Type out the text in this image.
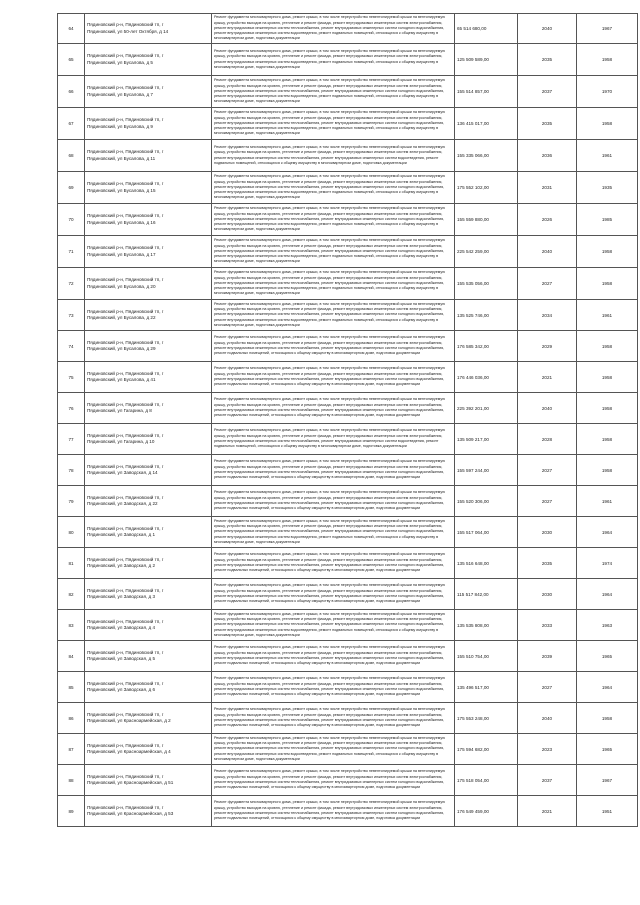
64	Пядиновский р-н, Пядиновский тп, г
Пядиновский, ул 50-лет Октября, д 14	Ремонт фундамента многоквартирного дома, ремонт крыши, в том числе переустройство невентилируемой крыши на вентилируемую крышу, устройство выходов на кровлю, утепление и ремонт фасада, ремонт внутридомовых инженерных систем электроснабжения, ремонт внутридомовых инженерных систем теплоснабжения, ремонт внутридомовых инженерных систем холодного водоснабжения, ремонт внутридомовых инженерных систем водоотведения, ремонт подвальных помещений, относящихся к общему имуществу в многоквартирном доме, подготовка документации	65 514 680,00	2040	1967
65	Пядиновский р-н, Пядиновский тп, г
Пядиновский, ул Бусалова, д 5	Ремонт фундамента многоквартирного дома, ремонт крыши, в том числе переустройство невентилируемой крыши на вентилируемую крышу, устройство выходов на кровлю, утепление и ремонт фасада, ремонт внутридомовых инженерных систем электроснабжения, ремонт внутридомовых инженерных систем водоотведения, ремонт подвальных помещений, относящихся к общему имуществу в многоквартирном доме, подготовка документации	125 509 589,00	2035	1958
66	Пядиновский р-н, Пядиновский тп, г
Пядиновский, ул Бусалова, д 7	Ремонт фундамента многоквартирного дома, ремонт крыши, в том числе переустройство невентилируемой крыши на вентилируемую крышу, устройство выходов на кровлю, утепление и ремонт фасада, ремонт внутридомовых инженерных систем электроснабжения, ремонт внутридомовых инженерных систем теплоснабжения, ремонт внутридомовых инженерных систем холодного водоснабжения, ремонт внутридомовых инженерных систем водоотведения, ремонт подвальных помещений, относящихся к общему имуществу в многоквартирном доме, подготовка документации	155 514 857,00	2037	1970
67	Пядиновский р-н, Пядиновский тп, г
Пядиновский, ул Бусалова, д 9	Ремонт фундамента многоквартирного дома, ремонт крыши, в том числе переустройство невентилируемой крыши на вентилируемую крышу, устройство выходов на кровлю, утепление и ремонт фасада, ремонт внутридомовых инженерных систем электроснабжения, ремонт внутридомовых инженерных систем теплоснабжения, ремонт внутридомовых инженерных систем холодного водоснабжения, ремонт внутридомовых инженерных систем водоотведения, ремонт подвальных помещений, относящихся к общему имуществу в многоквартирном доме, подготовка документации	136 415 017,00	2035	1958
68	Пядиновский р-н, Пядиновский тп, г
Пядиновский, ул Бусалова, д 11	Ремонт фундамента многоквартирного дома, ремонт крыши, в том числе переустройство невентилируемой крыши на вентилируемую крышу, устройство выходов на кровлю, утепление и ремонт фасада, ремонт внутридомовых инженерных систем электроснабжения, ремонт внутридомовых инженерных систем теплоснабжения, ремонт внутридомовых инженерных систем водоотведения, ремонт подвальных помещений, относящихся к общему имуществу в многоквартирном доме, подготовка документации	155 335 066,00	2036	1961
69	Пядиновский р-н, Пядиновский тп, г
Пядиновский, ул Бусалова, д 15	Ремонт фундамента многоквартирного дома, ремонт крыши, в том числе переустройство невентилируемой крыши на вентилируемую крышу, устройство выходов на кровлю, утепление и ремонт фасада, ремонт внутридомовых инженерных систем электроснабжения, ремонт внутридомовых инженерных систем теплоснабжения, ремонт внутридомовых инженерных систем холодного водоснабжения, ремонт внутридомовых инженерных систем водоотведения, ремонт подвальных помещений, относящихся к общему имуществу в многоквартирном доме, подготовка документации	175 552 102,00	2031	1935
70	Пядиновский р-н, Пядиновский тп, г
Пядиновский, ул Бусалова, д 16	Ремонт фундамента многоквартирного дома, ремонт крыши, в том числе переустройство невентилируемой крыши на вентилируемую крышу, устройство выходов на кровлю, утепление и ремонт фасада, ремонт внутридомовых инженерных систем электроснабжения, ремонт внутридомовых инженерных систем теплоснабжения, ремонт внутридомовых инженерных систем холодного водоснабжения, ремонт внутридомовых инженерных систем водоотведения, ремонт подвальных помещений, относящихся к общему имуществу в многоквартирном доме, подготовка документации	155 559 880,00	2026	1985
71	Пядиновский р-н, Пядиновский тп, г
Пядиновский, ул Бусалова, д 17	Ремонт фундамента многоквартирного дома, ремонт крыши, в том числе переустройство невентилируемой крыши на вентилируемую крышу, устройство выходов на кровлю, утепление и ремонт фасада, ремонт внутридомовых инженерных систем электроснабжения, ремонт внутридомовых инженерных систем теплоснабжения, ремонт внутридомовых инженерных систем холодного водоснабжения, ремонт внутридомовых инженерных систем водоотведения, ремонт подвальных помещений, относящихся к общему имуществу в многоквартирном доме, подготовка документации	225 542 259,00	2040	1958
72	Пядиновский р-н, Пядиновский тп, г
Пядиновский, ул Бусалова, д 20	Ремонт фундамента многоквартирного дома, ремонт крыши, в том числе переустройство невентилируемой крыши на вентилируемую крышу, устройство выходов на кровлю, утепление и ремонт фасада, ремонт внутридомовых инженерных систем электроснабжения, ремонт внутридомовых инженерных систем теплоснабжения, ремонт внутридомовых инженерных систем холодного водоснабжения, ремонт внутридомовых инженерных систем водоотведения, ремонт подвальных помещений, относящихся к общему имуществу в многоквартирном доме, подготовка документации	155 535 056,00	2027	1958
73	Пядиновский р-н, Пядиновский тп, г
Пядиновский, ул Бусалова, д 22	Ремонт фундамента многоквартирного дома, ремонт крыши, в том числе переустройство невентилируемой крыши на вентилируемую крышу, устройство выходов на кровлю, утепление и ремонт фасада, ремонт внутридомовых инженерных систем электроснабжения, ремонт внутридомовых инженерных систем теплоснабжения, ремонт внутридомовых инженерных систем холодного водоснабжения, ремонт внутридомовых инженерных систем водоотведения, ремонт подвальных помещений, относящихся к общему имуществу в многоквартирном доме, подготовка документации	135 525 746,00	2034	1961
74	Пядиновский р-н, Пядиновский тп, г
Пядиновский, ул Бусалова, д 29	Ремонт фундамента многоквартирного дома, ремонт крыши, в том числе переустройство невентилируемой крыши на вентилируемую крышу, устройство выходов на кровлю, утепление и ремонт фасада, ремонт внутридомовых инженерных систем электроснабжения, ремонт внутридомовых инженерных систем теплоснабжения, ремонт внутридомовых инженерных систем холодного водоснабжения, ремонт подвальных помещений, относящихся к общему имуществу в многоквартирном доме, подготовка документации	176 585 342,00	2029	1958
75	Пядиновский р-н, Пядиновский тп, г
Пядиновский, ул Бусалова, д 41	Ремонт фундамента многоквартирного дома, ремонт крыши, в том числе переустройство невентилируемой крыши на вентилируемую крышу, устройство выходов на кровлю, утепление и ремонт фасада, ремонт внутридомовых инженерных систем электроснабжения, ремонт внутридомовых инженерных систем теплоснабжения, ремонт внутридомовых инженерных систем холодного водоснабжения, ремонт подвальных помещений, относящихся к общему имуществу в многоквартирном доме, подготовка документации	176 446 036,00	2021	1958
76	Пядиновский р-н, Пядиновский тп, г
Пядиновский, ул Гагарина, д 8	Ремонт фундамента многоквартирного дома, ремонт крыши, в том числе переустройство невентилируемой крыши на вентилируемую крышу, устройство выходов на кровлю, утепление и ремонт фасада, ремонт внутридомовых инженерных систем электроснабжения, ремонт внутридомовых инженерных систем теплоснабжения, ремонт внутридомовых инженерных систем холодного водоснабжения, ремонт подвальных помещений, относящихся к общему имуществу в многоквартирном доме, подготовка документации	225 392 201,00	2040	1958
77	Пядиновский р-н, Пядиновский тп, г
Пядиновский, ул Гагарина, д 10	Ремонт фундамента многоквартирного дома, ремонт крыши, в том числе переустройство невентилируемой крыши на вентилируемую крышу, устройство выходов на кровлю, утепление и ремонт фасада, ремонт внутридомовых инженерных систем электроснабжения, ремонт внутридомовых инженерных систем теплоснабжения, ремонт внутридомовых инженерных систем водоотведения, ремонт подвальных помещений, относящихся к общему имуществу в многоквартирном доме, подготовка документации	135 509 217,00	2028	1958
78	Пядиновский р-н, Пядиновский тп, г
Пядиновский, ул Заводская, д 14	Ремонт фундамента многоквартирного дома, ремонт крыши, в том числе переустройство невентилируемой крыши на вентилируемую крышу, устройство выходов на кровлю, утепление и ремонт фасада, ремонт внутридомовых инженерных систем электроснабжения, ремонт внутридомовых инженерных систем теплоснабжения, ремонт внутридомовых инженерных систем холодного водоснабжения, ремонт подвальных помещений, относящихся к общему имуществу в многоквартирном доме, подготовка документации	155 597 244,00	2027	1958
79	Пядиновский р-н, Пядиновский тп, г
Пядиновский, ул Заводская, д 22	Ремонт фундамента многоквартирного дома, ремонт крыши, в том числе переустройство невентилируемой крыши на вентилируемую крышу, устройство выходов на кровлю, утепление и ремонт фасада, ремонт внутридомовых инженерных систем электроснабжения, ремонт внутридомовых инженерных систем теплоснабжения, ремонт внутридомовых инженерных систем холодного водоснабжения, ремонт подвальных помещений, относящихся к общему имуществу в многоквартирном доме, подготовка документации	155 520 306,00	2027	1961
80	Пядиновский р-н, Пядиновский тп, г
Пядиновский, ул Заводская, д 1	Ремонт фундамента многоквартирного дома, ремонт крыши, в том числе переустройство невентилируемой крыши на вентилируемую крышу, устройство выходов на кровлю, утепление и ремонт фасада, ремонт внутридомовых инженерных систем электроснабжения, ремонт внутридомовых инженерных систем теплоснабжения, ремонт внутридомовых инженерных систем холодного водоснабжения, ремонт внутридомовых инженерных систем водоотведения, ремонт подвальных помещений, относящихся к общему имуществу в многоквартирном доме, подготовка документации	155 517 064,00	2030	1964
81	Пядиновский р-н, Пядиновский тп, г
Пядиновский, ул Заводская, д 2	Ремонт фундамента многоквартирного дома, ремонт крыши, в том числе переустройство невентилируемой крыши на вентилируемую крышу, устройство выходов на кровлю, утепление и ремонт фасада, ремонт внутридомовых инженерных систем электроснабжения, ремонт внутридомовых инженерных систем теплоснабжения, ремонт внутридомовых инженерных систем холодного водоснабжения, ремонт подвальных помещений, относящихся к общему имуществу в многоквартирном доме, подготовка документации	135 516 648,00	2035	1974
82	Пядиновский р-н, Пядиновский тп, г
Пядиновский, ул Заводская, д 3	Ремонт фундамента многоквартирного дома, ремонт крыши, в том числе переустройство невентилируемой крыши на вентилируемую крышу, устройство выходов на кровлю, утепление и ремонт фасада, ремонт внутридомовых инженерных систем электроснабжения, ремонт внутридомовых инженерных систем теплоснабжения, ремонт внутридомовых инженерных систем холодного водоснабжения, ремонт подвальных помещений, относящихся к общему имуществу в многоквартирном доме, подготовка документации	115 517 842,00	2030	1964
83	Пядиновский р-н, Пядиновский тп, г
Пядиновский, ул Заводская, д 4	Ремонт фундамента многоквартирного дома, ремонт крыши, в том числе переустройство невентилируемой крыши на вентилируемую крышу, устройство выходов на кровлю, утепление и ремонт фасада, ремонт внутридомовых инженерных систем электроснабжения, ремонт внутридомовых инженерных систем теплоснабжения, ремонт внутридомовых инженерных систем холодного водоснабжения, ремонт внутридомовых инженерных систем водоотведения, ремонт подвальных помещений, относящихся к общему имуществу в многоквартирном доме, подготовка документации	135 535 808,00	2033	1963
84	Пядиновский р-н, Пядиновский тп, г
Пядиновский, ул Заводская, д 5	Ремонт фундамента многоквартирного дома, ремонт крыши, в том числе переустройство невентилируемой крыши на вентилируемую крышу, устройство выходов на кровлю, утепление и ремонт фасада, ремонт внутридомовых инженерных систем электроснабжения, ремонт внутридомовых инженерных систем теплоснабжения, ремонт внутридомовых инженерных систем холодного водоснабжения, ремонт подвальных помещений, относящихся к общему имуществу в многоквартирном доме, подготовка документации	155 510 754,00	2039	1965
85	Пядиновский р-н, Пядиновский тп, г
Пядиновский, ул Заводская, д 6	Ремонт фундамента многоквартирного дома, ремонт крыши, в том числе переустройство невентилируемой крыши на вентилируемую крышу, устройство выходов на кровлю, утепление и ремонт фасада, ремонт внутридомовых инженерных систем электроснабжения, ремонт внутридомовых инженерных систем теплоснабжения, ремонт внутридомовых инженерных систем холодного водоснабжения, ремонт подвальных помещений, относящихся к общему имуществу в многоквартирном доме, подготовка документации	135 496 517,00	2027	1964
86	Пядиновский р-н, Пядиновский тп, г
Пядиновский, ул Красноармейская, д 2	Ремонт фундамента многоквартирного дома, ремонт крыши, в том числе переустройство невентилируемой крыши на вентилируемую крышу, устройство выходов на кровлю, утепление и ремонт фасада, ремонт внутридомовых инженерных систем электроснабжения, ремонт внутридомовых инженерных систем теплоснабжения, ремонт внутридомовых инженерных систем холодного водоснабжения, ремонт подвальных помещений, относящихся к общему имуществу в многоквартирном доме, подготовка документации	175 553 248,00	2040	1958
87	Пядиновский р-н, Пядиновский тп, г
Пядиновский, ул Красноармейская, д 4	Ремонт фундамента многоквартирного дома, ремонт крыши, в том числе переустройство невентилируемой крыши на вентилируемую крышу, устройство выходов на кровлю, утепление и ремонт фасада, ремонт внутридомовых инженерных систем электроснабжения, ремонт внутридомовых инженерных систем теплоснабжения, ремонт внутридомовых инженерных систем холодного водоснабжения, ремонт внутридомовых инженерных систем водоотведения, ремонт подвальных помещений, относящихся к общему имуществу в многоквартирном доме, подготовка документации	175 594 682,00	2023	1965
88	Пядиновский р-н, Пядиновский тп, г
Пядиновский, ул Красноармейская, д 51	Ремонт фундамента многоквартирного дома, ремонт крыши, в том числе переустройство невентилируемой крыши на вентилируемую крышу, устройство выходов на кровлю, утепление и ремонт фасада, ремонт внутридомовых инженерных систем электроснабжения, ремонт внутридомовых инженерных систем теплоснабжения, ремонт внутридомовых инженерных систем холодного водоснабжения, ремонт подвальных помещений, относящихся к общему имуществу в многоквартирном доме, подготовка документации	175 518 054,00	2037	1967
89	Пядиновский р-н, Пядиновский тп, г
Пядиновский, ул Красноармейская, д 53	Ремонт фундамента многоквартирного дома, ремонт крыши, в том числе переустройство невентилируемой крыши на вентилируемую крышу, устройство выходов на кровлю, утепление и ремонт фасада, ремонт внутридомовых инженерных систем электроснабжения, ремонт внутридомовых инженерных систем теплоснабжения, ремонт внутридомовых инженерных систем холодного водоснабжения, ремонт подвальных помещений, относящихся к общему имуществу в многоквартирном доме, подготовка документации	176 549 459,00	2021	1951
